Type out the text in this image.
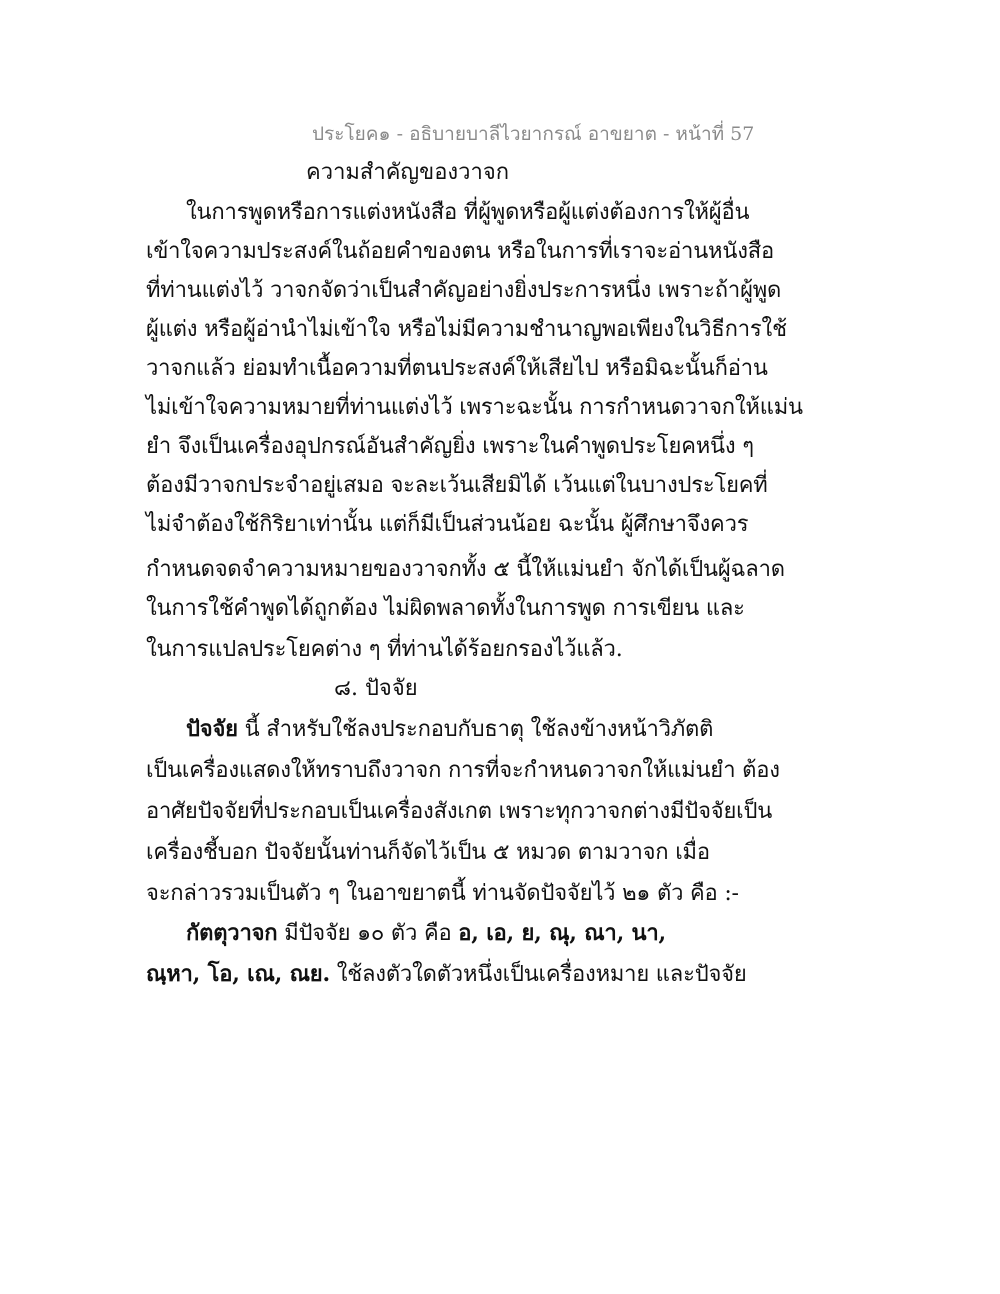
ประโยค๑ - อธิบายบาลีไวยากรณ์ อาขยาต - หน้าที่ 57
ความสำคัญของวาจก
ในการพูดหรือการแต่งหนังสือ ที่ผู้พูดหรือผู้แต่งต้องการให้ผู้อื่น
เข้าใจความประสงค์ในถ้อยคำของตน หรือในการที่เราจะอ่านหนังสือ
ที่ท่านแต่งไว้ วาจกจัดว่าเป็นสำคัญอย่างยิ่งประการหนึ่ง เพราะถ้าผู้พูด
ผู้แต่ง หรือผู้อ่านำไม่เข้าใจ หรือไม่มีความชำนาญพอเพียงในวิธีการใช้
วาจกแล้ว ย่อมทำเนื้อความที่ตนประสงค์ให้เสียไป หรือมิฉะนั้นก็อ่าน
ไม่เข้าใจความหมายที่ท่านแต่งไว้ เพราะฉะนั้น การกำหนดวาจกให้แม่น
ยำ จึงเป็นเครื่องอุปกรณ์อันสำคัญยิ่ง เพราะในคำพูดประโยคหนึ่ง ๆ
ต้องมีวาจกประจำอยู่เสมอ จะละเว้นเสียมิได้ เว้นแต่ในบางประโยคที่
ไม่จำต้องใช้กิริยาเท่านั้น แต่ก็มีเป็นส่วนน้อย ฉะนั้น ผู้ศึกษาจึงควร
กำหนดจดจำความหมายของวาจกทั้ง ๕ นี้ให้แม่นยำ จักได้เป็นผู้ฉลาด
ในการใช้คำพูดได้ถูกต้อง ไม่ผิดพลาดทั้งในการพูด การเขียน และ
ในการแปลประโยคต่าง ๆ ที่ท่านได้ร้อยกรองไว้แล้ว.
๘. ปัจจัย
ปัจจัย นี้ สำหรับใช้ลงประกอบกับธาตุ ใช้ลงข้างหน้าวิภัตติ
เป็นเครื่องแสดงให้ทราบถึงวาจก การที่จะกำหนดวาจกให้แม่นยำ ต้อง
อาศัยปัจจัยที่ประกอบเป็นเครื่องสังเกต เพราะทุกวาจกต่างมีปัจจัยเป็น
เครื่องชี้บอก ปัจจัยนั้นท่านก็จัดไว้เป็น ๕ หมวด ตามวาจก เมื่อ
จะกล่าวรวมเป็นตัว ๆ ในอาขยาตนี้ ท่านจัดปัจจัยไว้ ๒๑ ตัว คือ :-
กัตตุวาจก มีปัจจัย ๑๐ ตัว คือ อ, เอ, ย, ณุ, ณา, นา,
ณฺหา, โอ, เณ, ณย. ใช้ลงตัวใดตัวหนึ่งเป็นเครื่องหมาย และปัจจัย
